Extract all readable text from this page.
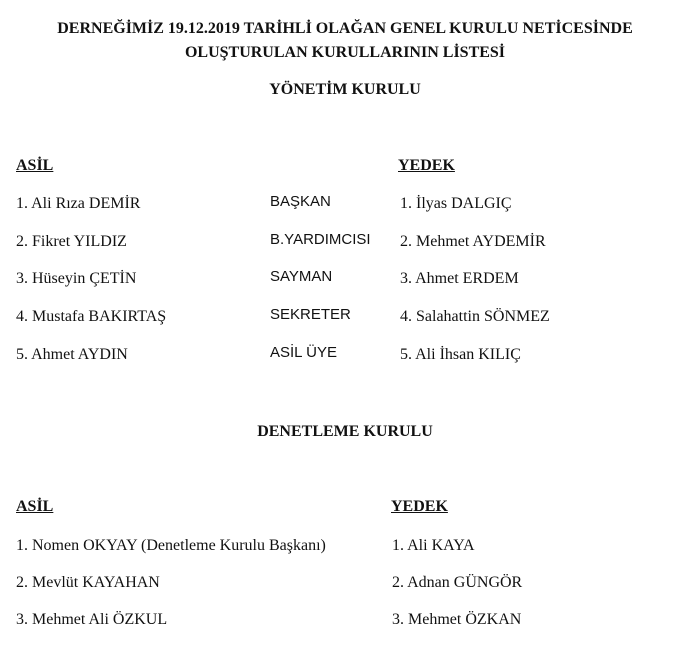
DERNEĞİMİZ 19.12.2019 TARİHLİ OLAĞAN GENEL KURULU NETİCESİNDE
OLUŞTURULAN KURULLARININ LİSTESİ
YÖNETİM KURULU
ASİL	YEDEK
1. Ali Rıza DEMİR
2. Fikret YILDIZ
3. Hüseyin ÇETİN
4. Mustafa BAKIRTAŞ
5. Ahmet AYDIN
BAŞKAN
B.YARDIMCISI
SAYMAN
SEKRETER
ASİL ÜYE
1. İlyas DALGIÇ
2. Mehmet AYDEMİR
3. Ahmet ERDEM
4. Salahattin SÖNMEZ
5. Ali İhsan KILIÇ
DENETLEME KURULU
ASİL	YEDEK
1. Nomen OKYAY (Denetleme Kurulu Başkanı)
2. Mevlüt KAYAHAN
3. Mehmet Ali ÖZKUL
1. Ali KAYA
2. Adnan GÜNGÖR
3. Mehmet ÖZKAN
